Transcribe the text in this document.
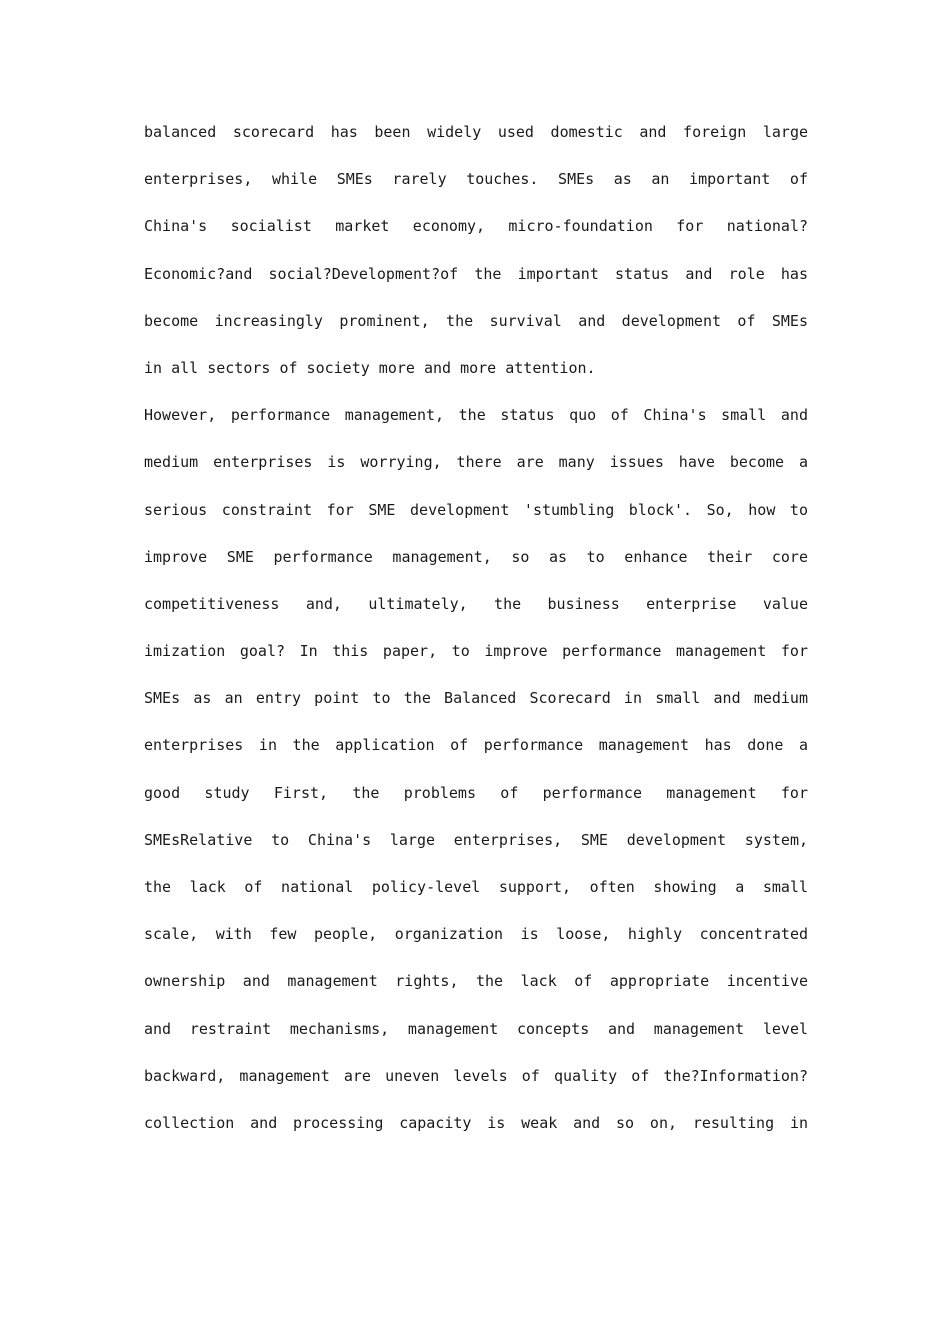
balanced scorecard has been widely used domestic and foreign large
enterprises, while SMEs rarely touches. SMEs as an important of
China's socialist market economy, micro-foundation for national?
Economic?and social?Development?of the important status and role has
become increasingly prominent, the survival and development of SMEs
in all sectors of society more and more attention.
However, performance management, the status quo of China's small and
medium enterprises is worrying, there are many issues have become a
serious constraint for SME development 'stumbling block'. So, how to
improve SME performance management, so as to enhance their core
competitiveness and, ultimately, the business enterprise value
imization goal? In this paper, to improve performance management for
SMEs as an entry point to the Balanced Scorecard in small and medium
enterprises in the application of performance management has done a
good study First, the problems of performance management for
SMEsRelative to China's large enterprises, SME development system,
the lack of national policy-level support, often showing a small
scale, with few people, organization is loose, highly concentrated
ownership and management rights, the lack of appropriate incentive
and restraint mechanisms, management concepts and management level
backward, management are uneven levels of quality of the?Information?
collection and processing capacity is weak and so on, resulting in
